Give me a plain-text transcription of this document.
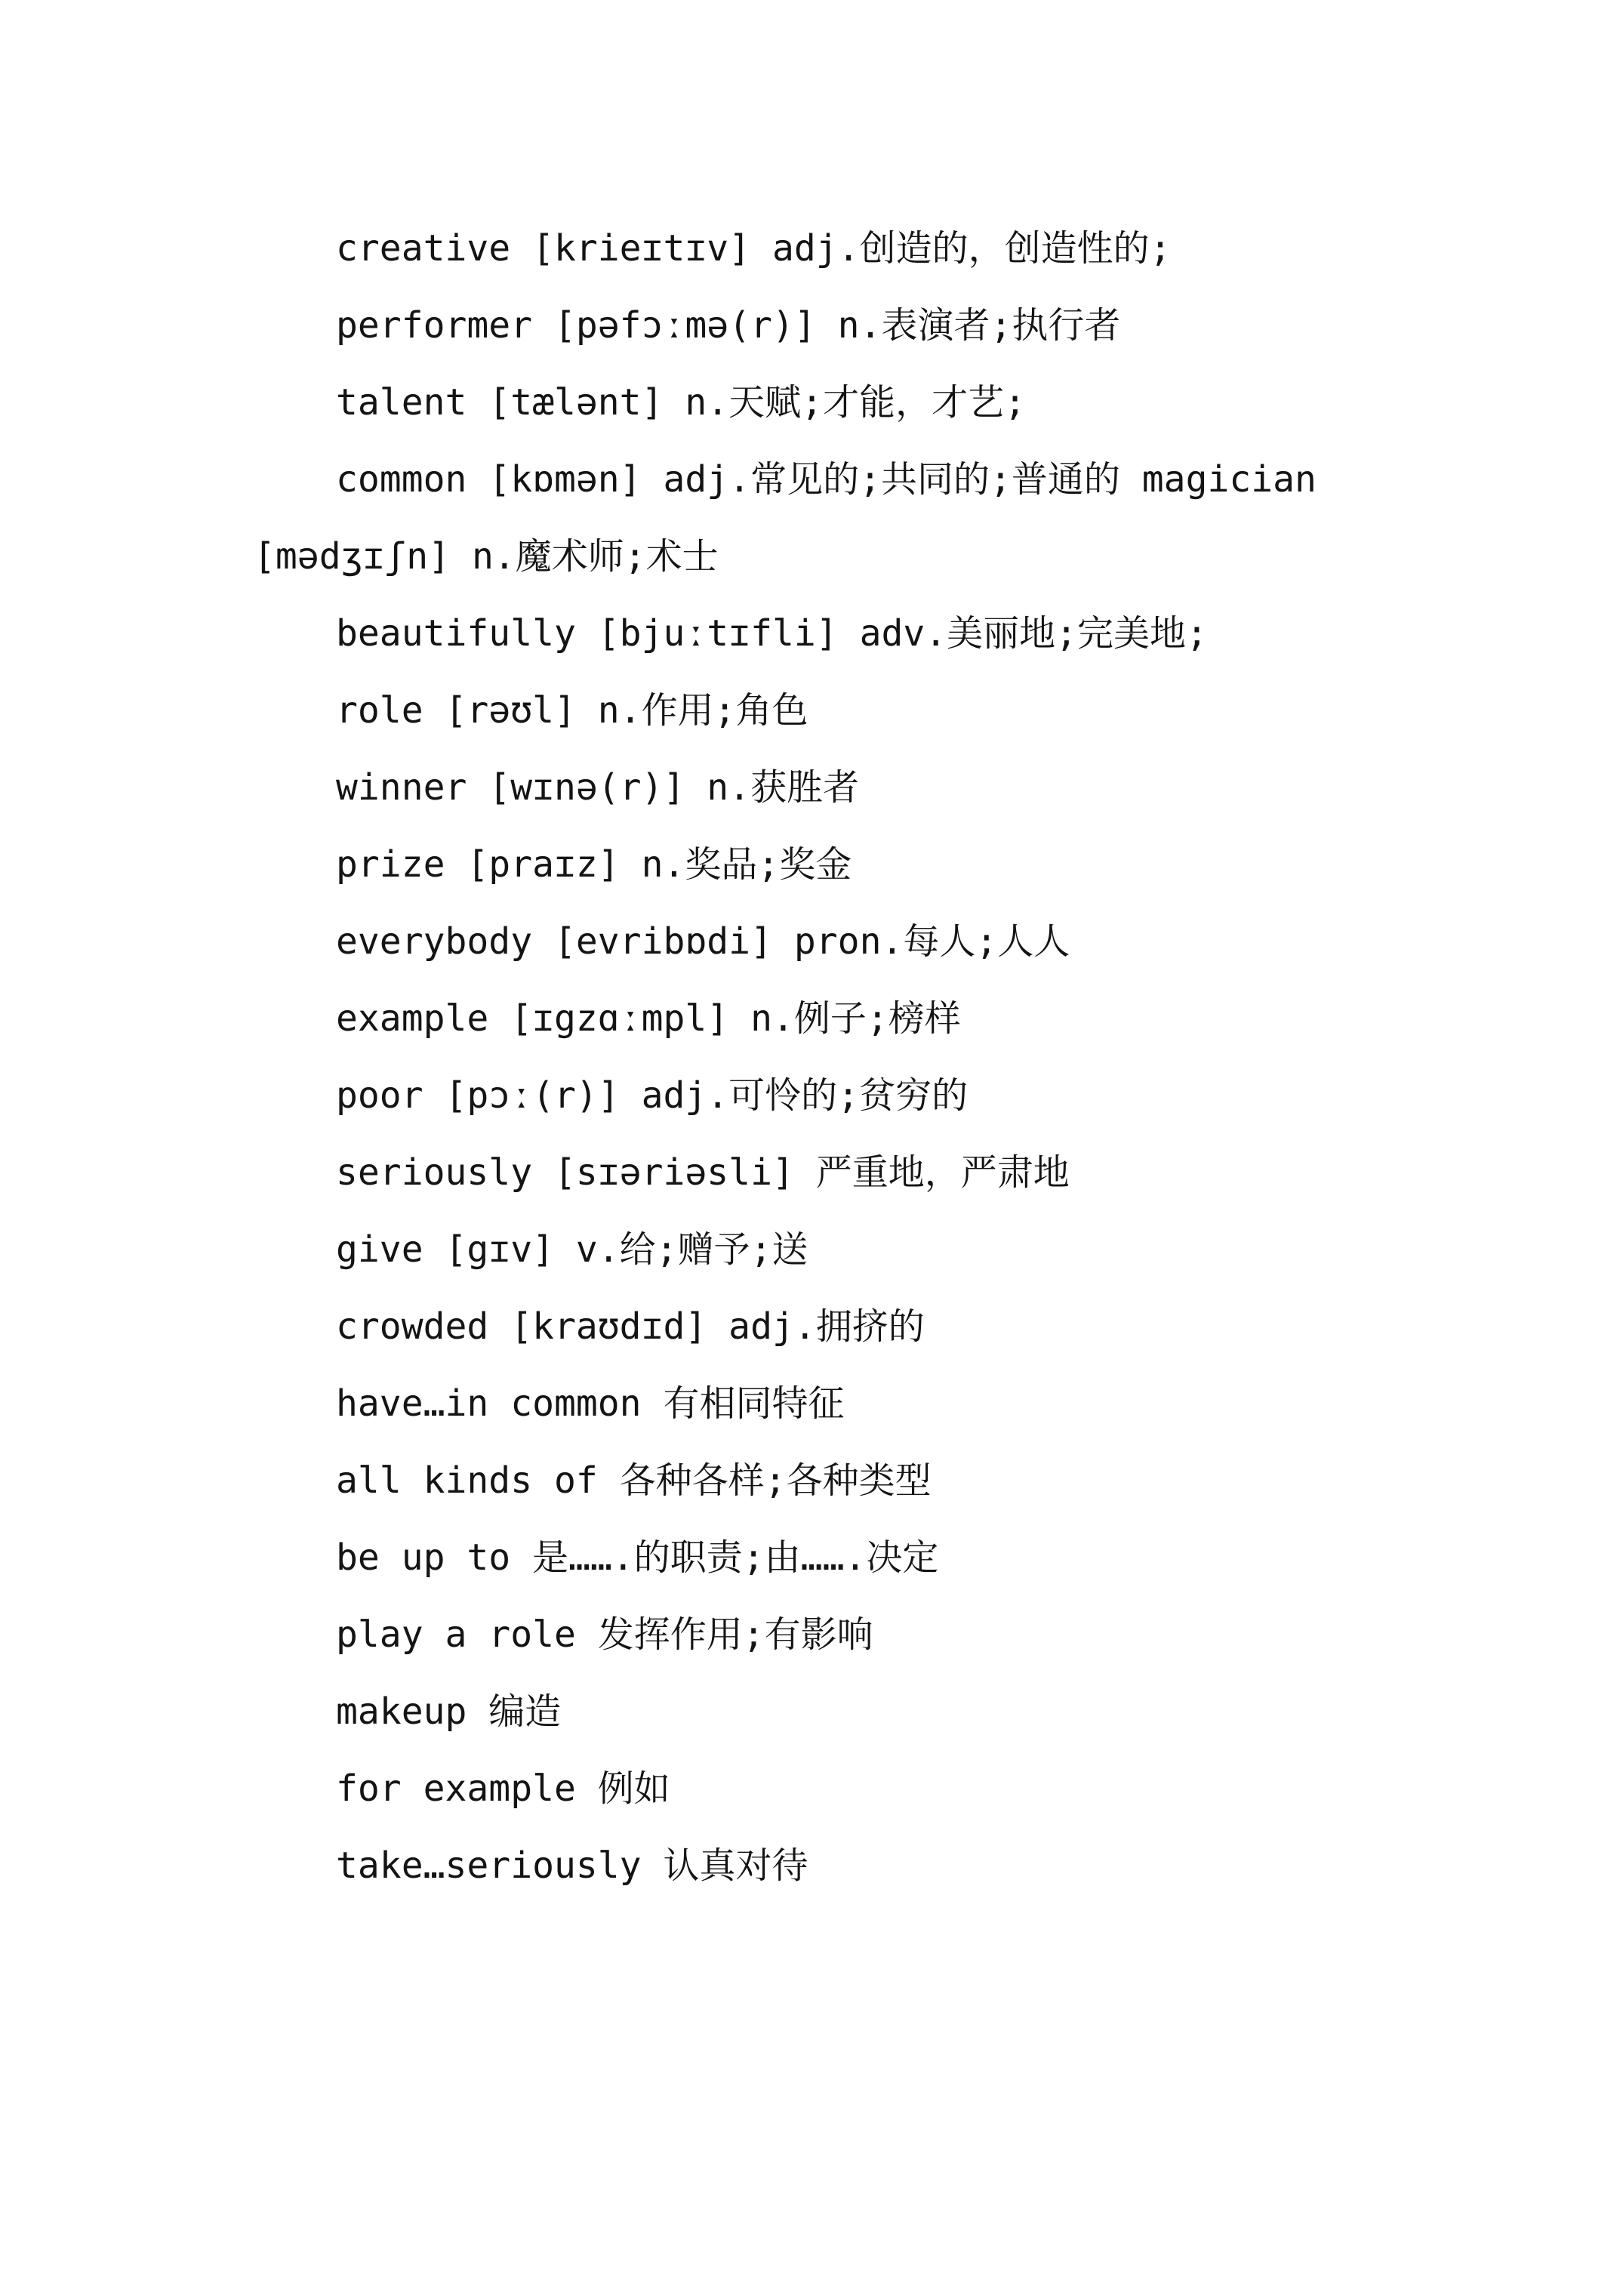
creative [krieɪtɪv] adj.创造的，创造性的;
performer [pəfɔːmə(r)] n.表演者;执行者
talent [tælənt] n.天赋;才能，才艺;
common [kɒmən] adj.常见的;共同的;普通的 magician
[mədʒɪʃn] n.魔术师;术士
beautifully [bjuːtɪfli] adv.美丽地;完美地;
role [rəʊl] n.作用;角色
winner [wɪnə(r)] n.获胜者
prize [praɪz] n.奖品;奖金
everybody [evribɒdi] pron.每人;人人
example [ɪgzɑːmpl] n.例子;榜样
poor [pɔː(r)] adj.可怜的;贫穷的
seriously [sɪəriəsli] 严重地，严肃地
give [gɪv] v.给;赠予;送
crowded [kraʊdɪd] adj.拥挤的
have…in common 有相同特征
all kinds of 各种各样;各种类型
be up to 是…….的职责;由…….决定
play a role 发挥作用;有影响
makeup 编造
for example 例如
take…seriously 认真对待
